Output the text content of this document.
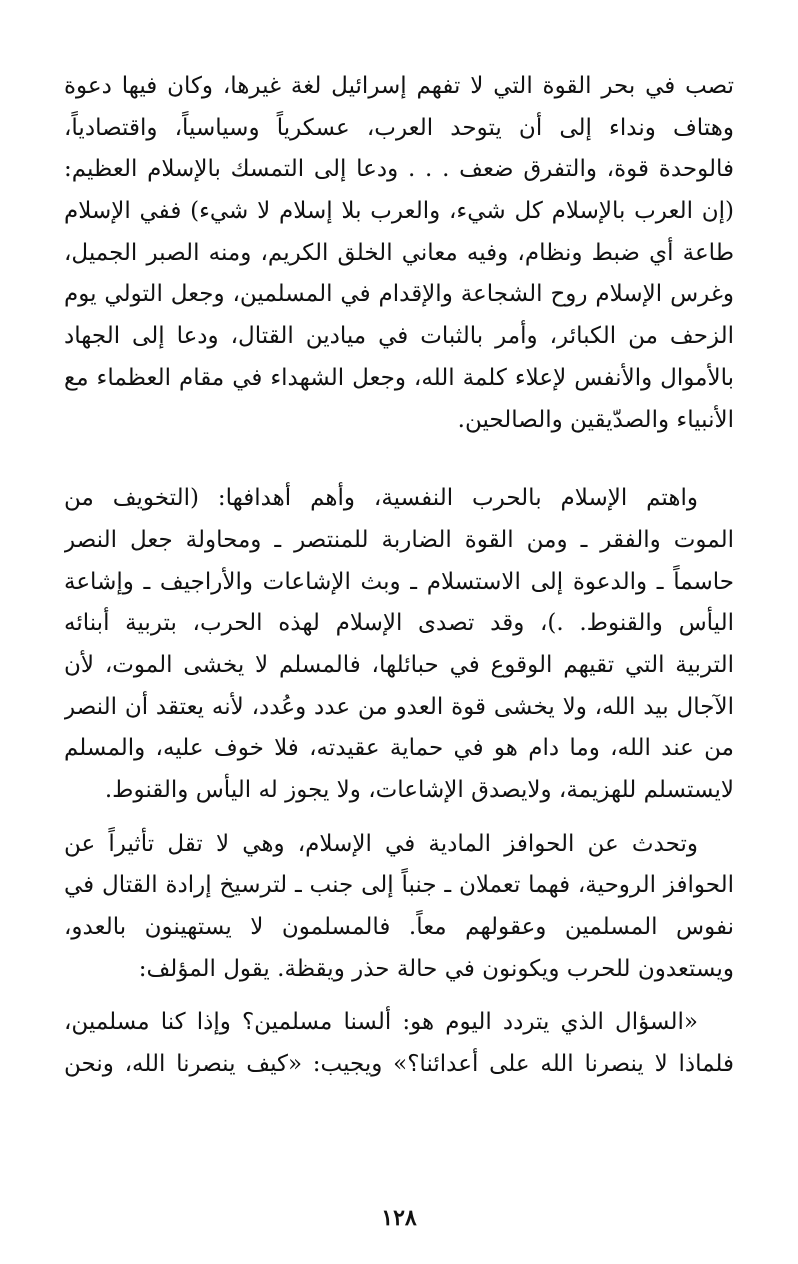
تصب في بحر القوة التي لا تفهم إسرائيل لغة غيرها، وكان فيها دعوة
وهتاف ونداء إلى أن يتوحد العرب، عسكرياً وسياسياً، واقتصادياً،
فالوحدة قوة، والتفرق ضعف . . . ودعا إلى التمسك بالإسلام العظيم:
(إن العرب بالإسلام كل شيء، والعرب بلا إسلام لا شيء) ففي الإسلام
طاعة أي ضبط ونظام، وفيه معاني الخلق الكريم، ومنه الصبر الجميل،
وغرس الإسلام روح الشجاعة والإقدام في المسلمين، وجعل التولي يوم
الزحف من الكبائر، وأمر بالثبات في ميادين القتال، ودعا إلى الجهاد
بالأموال والأنفس لإعلاء كلمة الله، وجعل الشهداء في مقام العظماء مع
الأنبياء والصدّيقين والصالحين.
واهتم الإسلام بالحرب النفسية، وأهم أهدافها: (التخويف من
الموت والفقر ـ ومن القوة الضاربة للمنتصر ـ ومحاولة جعل النصر
حاسماً ـ والدعوة إلى الاستسلام ـ وبث الإشاعات والأراجيف ـ وإشاعة
اليأس والقنوط. .)، وقد تصدى الإسلام لهذه الحرب، بتربية أبنائه
التربية التي تقيهم الوقوع في حبائلها، فالمسلم لا يخشى الموت، لأن
الآجال بيد الله، ولا يخشى قوة العدو من عدد وعُدد، لأنه يعتقد أن النصر
من عند الله، وما دام هو في حماية عقيدته، فلا خوف عليه، والمسلم
لايستسلم للهزيمة، ولايصدق الإشاعات، ولا يجوز له اليأس والقنوط.
وتحدث عن الحوافز المادية في الإسلام، وهي لا تقل تأثيراً عن
الحوافز الروحية، فهما تعملان ـ جنباً إلى جنب ـ لترسيخ إرادة القتال في
نفوس المسلمين وعقولهم معاً. فالمسلمون لا يستهينون بالعدو،
ويستعدون للحرب ويكونون في حالة حذر ويقظة. يقول المؤلف:
«السؤال الذي يتردد اليوم هو: ألسنا مسلمين؟ وإذا كنا مسلمين،
فلماذا لا ينصرنا الله على أعدائنا؟» ويجيب: «كيف ينصرنا الله، ونحن
١٢٨
